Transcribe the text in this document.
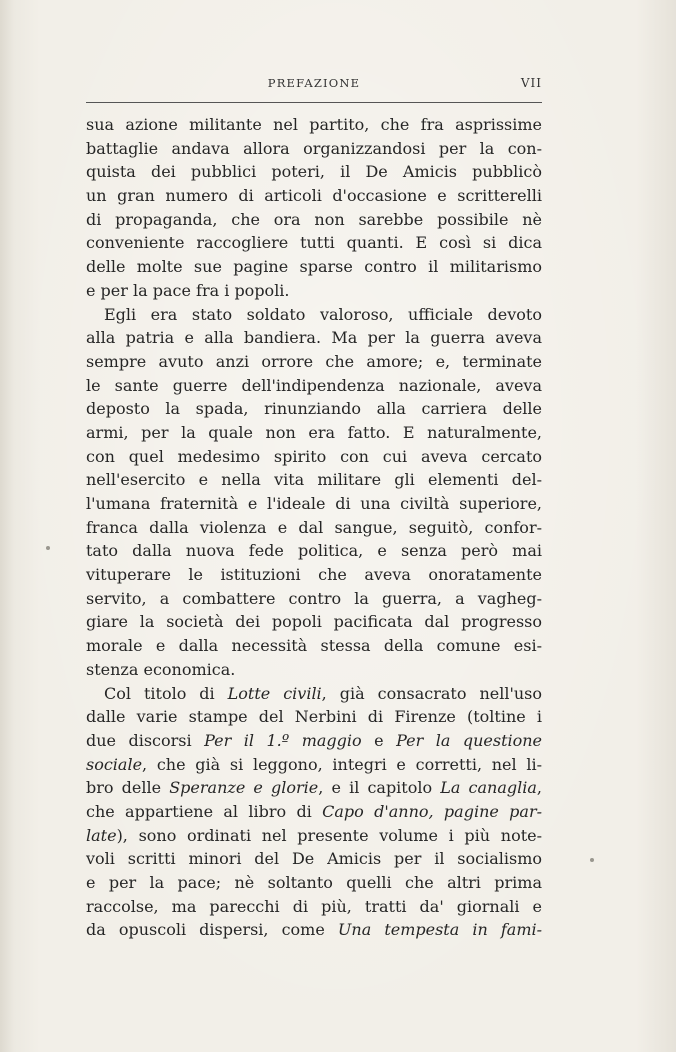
PREFAZIONE	VII
sua azione militante nel partito, che fra asprissime
battaglie andava allora organizzandosi per la con-
quista dei pubblici poteri, il De Amicis pubblicò
un gran numero di articoli d'occasione e scritterelli
di propaganda, che ora non sarebbe possibile nè
conveniente raccogliere tutti quanti. E così si dica
delle molte sue pagine sparse contro il militarismo
e per la pace fra i popoli.
Egli era stato soldato valoroso, ufficiale devoto
alla patria e alla bandiera. Ma per la guerra aveva
sempre avuto anzi orrore che amore; e, terminate
le sante guerre dell'indipendenza nazionale, aveva
deposto la spada, rinunziando alla carriera delle
armi, per la quale non era fatto. E naturalmente,
con quel medesimo spirito con cui aveva cercato
nell'esercito e nella vita militare gli elementi del-
l'umana fraternità e l'ideale di una civiltà superiore,
franca dalla violenza e dal sangue, seguitò, confor-
tato dalla nuova fede politica, e senza però mai
vituperare le istituzioni che aveva onoratamente
servito, a combattere contro la guerra, a vagheg-
giare la società dei popoli pacificata dal progresso
morale e dalla necessità stessa della comune esi-
stenza economica.
Col titolo di Lotte civili, già consacrato nell'uso
dalle varie stampe del Nerbini di Firenze (toltine i
due discorsi Per il 1.º maggio e Per la questione
sociale, che già si leggono, integri e corretti, nel li-
bro delle Speranze e glorie, e il capitolo La canaglia,
che appartiene al libro di Capo d'anno, pagine par-
late), sono ordinati nel presente volume i più note-
voli scritti minori del De Amicis per il socialismo
e per la pace; nè soltanto quelli che altri prima
raccolse, ma parecchi di più, tratti da' giornali e
da opuscoli dispersi, come Una tempesta in fami-
